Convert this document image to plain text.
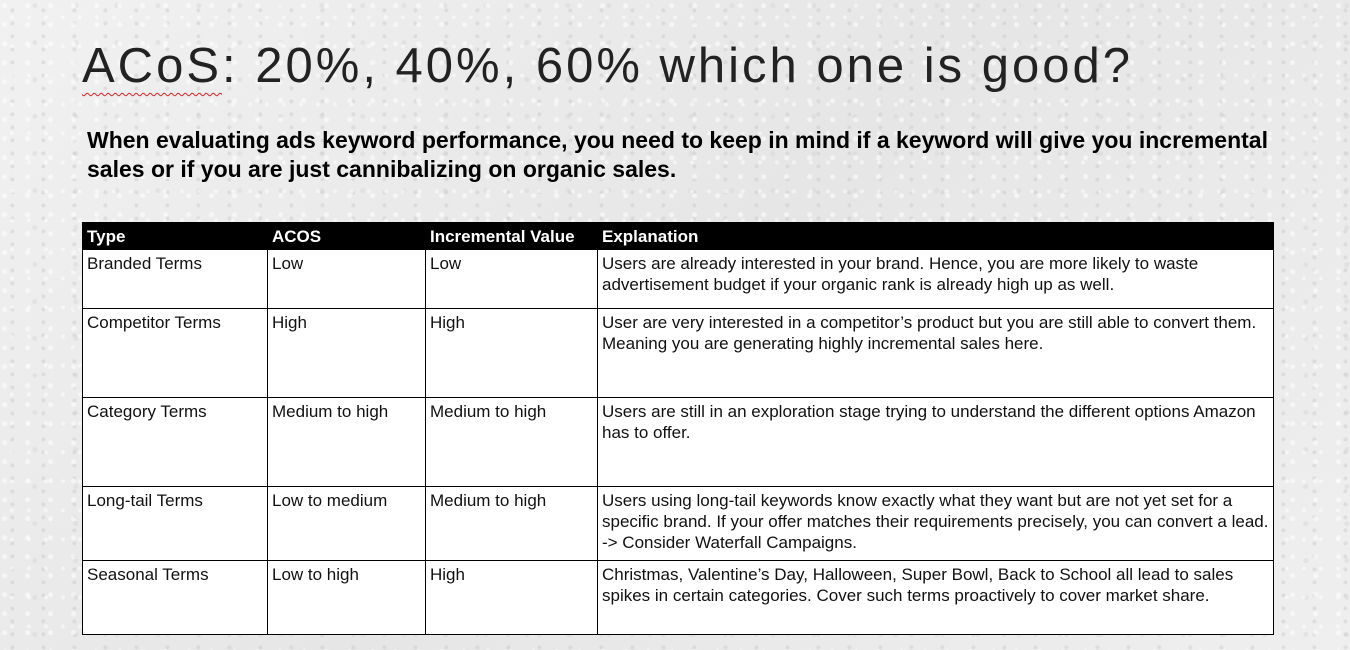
ACoS: 20%, 40%, 60% which one is good?

When evaluating ads keyword performance, you need to keep in mind if a keyword will give you incremental sales or if you are just cannibalizing on organic sales.

Type	ACOS	Incremental Value	Explanation
Branded Terms	Low	Low	Users are already interested in your brand. Hence, you are more likely to waste advertisement budget if your organic rank is already high up as well.
Competitor Terms	High	High	User are very interested in a competitor’s product but you are still able to convert them. Meaning you are generating highly incremental sales here.
Category Terms	Medium to high	Medium to high	Users are still in an exploration stage trying to understand the different options Amazon has to offer.
Long-tail Terms	Low to medium	Medium to high	Users using long-tail keywords know exactly what they want but are not yet set for a specific brand. If your offer matches their requirements precisely, you can convert a lead. -> Consider Waterfall Campaigns.
Seasonal Terms	Low to high	High	Christmas, Valentine’s Day, Halloween, Super Bowl, Back to School all lead to sales spikes in certain categories. Cover such terms proactively to cover market share.
